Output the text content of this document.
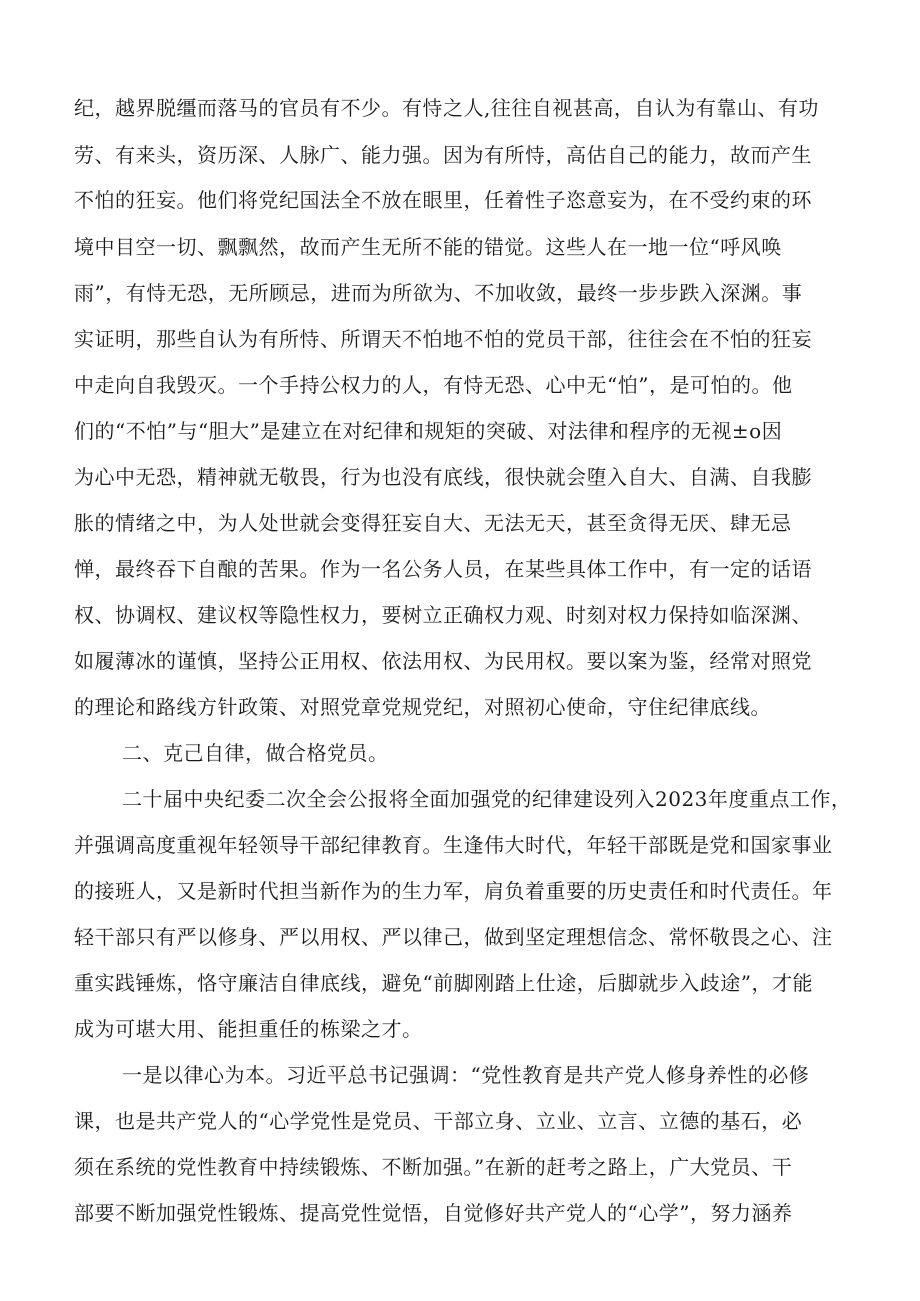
纪，越界脱缰而落马的官员有不少。有恃之人,往往自视甚高，自认为有靠山、有功
劳、有来头，资历深、人脉广、能力强。因为有所恃，高估自己的能力，故而产生
不怕的狂妄。他们将党纪国法全不放在眼里，任着性子恣意妄为，在不受约束的环
境中目空一切、飘飘然，故而产生无所不能的错觉。这些人在一地一位“呼风唤
雨”，有恃无恐，无所顾忌，进而为所欲为、不加收敛，最终一步步跌入深渊。事
实证明，那些自认为有所恃、所谓天不怕地不怕的党员干部，往往会在不怕的狂妄
中走向自我毁灭。一个手持公权力的人，有恃无恐、心中无“怕”，是可怕的。他
们的“不怕”与“胆大”是建立在对纪律和规矩的突破、对法律和程序的无视±o因
为心中无恐，精神就无敬畏，行为也没有底线，很快就会堕入自大、自满、自我膨
胀的情绪之中，为人处世就会变得狂妄自大、无法无天，甚至贪得无厌、肆无忌
惮，最终吞下自酿的苦果。作为一名公务人员，在某些具体工作中，有一定的话语
权、协调权、建议权等隐性权力，要树立正确权力观、时刻对权力保持如临深渊、
如履薄冰的谨慎，坚持公正用权、依法用权、为民用权。要以案为鉴，经常对照党
的理论和路线方针政策、对照党章党规党纪，对照初心使命，守住纪律底线。
二、克己自律，做合格党员。
二十届中央纪委二次全会公报将全面加强党的纪律建设列入2023年度重点工作，
并强调高度重视年轻领导干部纪律教育。生逢伟大时代，年轻干部既是党和国家事业
的接班人，又是新时代担当新作为的生力军，肩负着重要的历史责任和时代责任。年
轻干部只有严以修身、严以用权、严以律己，做到坚定理想信念、常怀敬畏之心、注
重实践锤炼，恪守廉洁自律底线，避免“前脚刚踏上仕途，后脚就步入歧途”，才能
成为可堪大用、能担重任的栋梁之才。
一是以律心为本。习近平总书记强调：“党性教育是共产党人修身养性的必修
课，也是共产党人的“心学党性是党员、干部立身、立业、立言、立德的基石，必
须在系统的党性教育中持续锻炼、不断加强。”在新的赶考之路上，广大党员、干
部要不断加强党性锻炼、提高党性觉悟，自觉修好共产党人的“心学”，努力涵养
